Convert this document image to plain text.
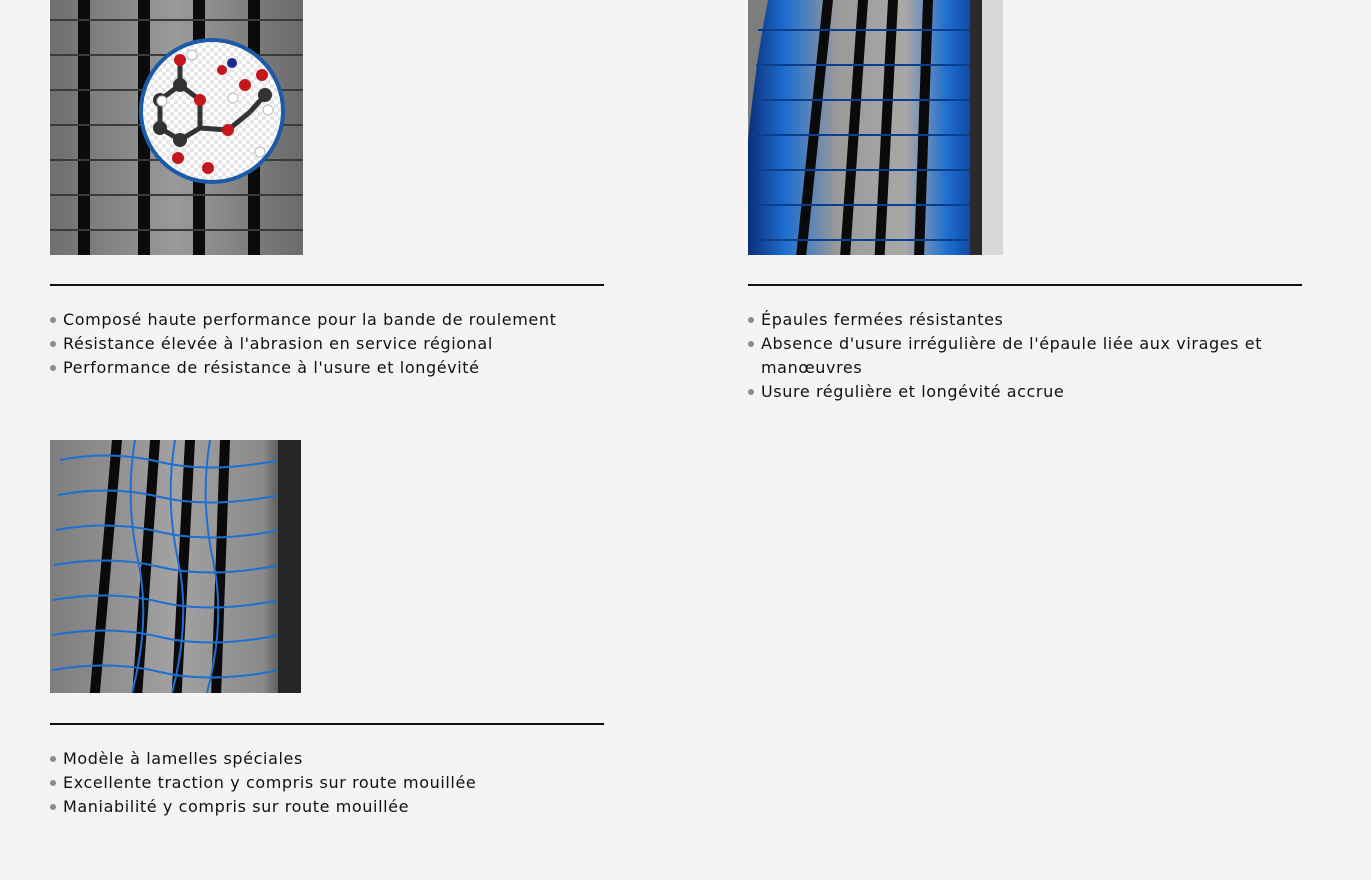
Composé haute performance pour la bande de roulement
Résistance élevée à l'abrasion en service régional
Performance de résistance à l'usure et longévité
Épaules fermées résistantes
Absence d'usure irrégulière de l'épaule liée aux virages et manœuvres
Usure régulière et longévité accrue
Modèle à lamelles spéciales
Excellente traction y compris sur route mouillée
Maniabilité y compris sur route mouillée
